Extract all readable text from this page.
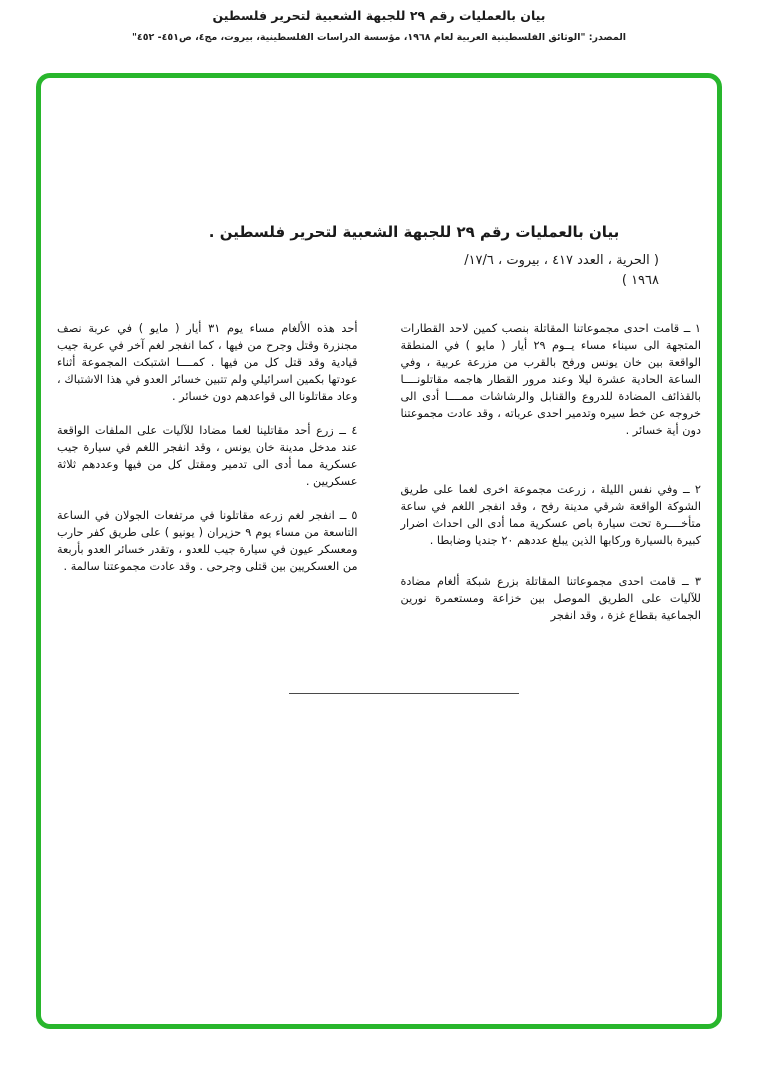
بيان بالعمليات رقم ٢٩ للجبهة الشعبية لتحرير فلسطين
المصدر: "الوثائق الفلسطينية العربية لعام ١٩٦٨، مؤسسة الدراسات الفلسطينية، بيروت، مج٤، ص٤٥١- ٤٥٢"
بيان بالعمليات رقم ٢٩ للجبهة الشعبية لتحرير فلسطين .
( الحرية ، العدد ٤١٧ ، بيروت ، ١٧/٦/
١٩٦٨ )

١ ــ قامت احدى مجموعاتنا المقاتلة بنصب كمين لاحد القطارات المتجهة الى سيناء مساء يــوم ٢٩ أيار ( مايو ) في المنطقة الواقعة بين خان يونس ورفح بالقرب من مزرعة عربية ، وفي الساعة الحادية عشرة ليلا وعند مرور القطار هاجمه مقاتلونــــا بالقذائف المضادة للدروع والقنابل والرشاشات ممــــا أدى الى خروجه عن خط سيره وتدمير احدى عرباته ، وقد عادت مجموعتنا دون أية خسائر .

٢ ــ وفي نفس الليلة ، زرعت مجموعة اخرى لغما على طريق الشوكة الواقعة شرقي مدينة رفح ، وقد انفجر اللغم في ساعة متأخــــرة تحت سيارة باص عسكرية مما أدى الى احداث اضرار كبيرة بالسيارة وركابها الذين يبلغ عددهم ٢٠ جنديا وضابطا .

٣ ــ قامت احدى مجموعاتنا المقاتلة بزرع شبكة ألغام مضادة للآليات على الطريق الموصل بين خزاعة ومستعمرة نورين الجماعية بقطاع غزة ، وقد انفجر

أحد هذه الألغام مساء يوم ٣١ أيار ( مايو ) في عربة نصف مجنزرة وقتل وجرح من فيها ، كما انفجر لغم آخر في عربة جيب قيادية وقد قتل كل من فيها . كمــــا اشتبكت المجموعة أثناء عودتها بكمين اسرائيلي ولم تتبين خسائر العدو في هذا الاشتباك ، وعاد مقاتلونا الى قواعدهم دون خسائر .

٤ ــ زرع أحد مقاتلينا لغما مضادا للآليات على الملفات الواقعة عند مدخل مدينة خان يونس ، وقد انفجر اللغم في سيارة جيب عسكرية مما أدى الى تدمير ومقتل كل من فيها وعددهم ثلاثة عسكريين .

٥ ــ انفجر لغم زرعه مقاتلونا في مرتفعات الجولان في الساعة التاسعة من مساء يوم ٩ حزيران ( يونيو ) على طريق كفر حارب ومعسكر عيون في سيارة جيب للعدو ، وتقدر خسائر العدو بأربعة من العسكريين بين قتلى وجرحى . وقد عادت مجموعتنا سالمة .
